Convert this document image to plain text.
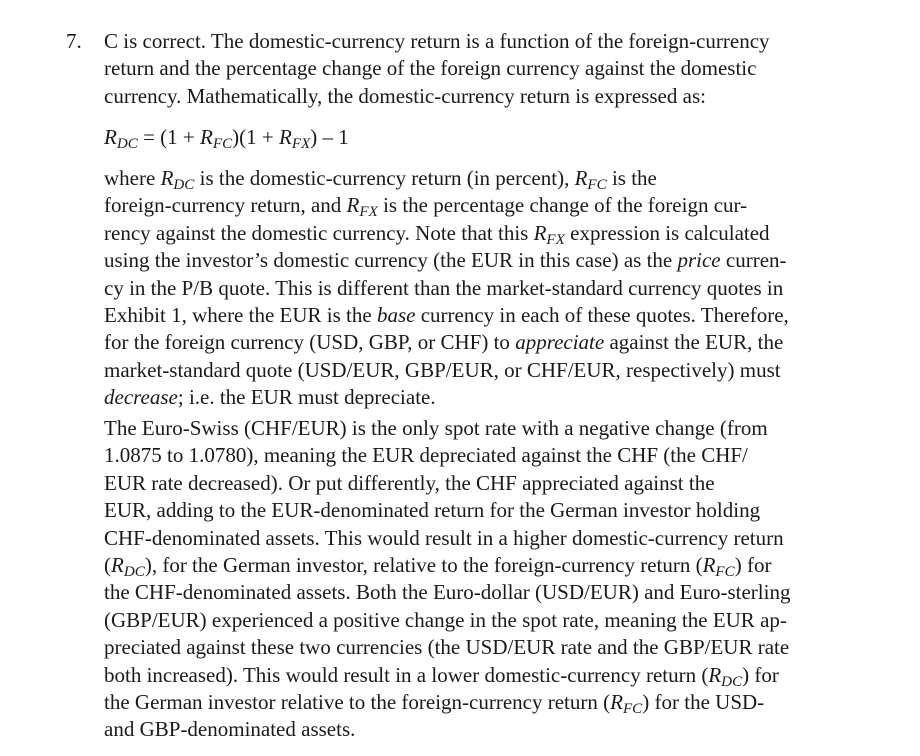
7. C is correct. The domestic-currency return is a function of the foreign-currency
return and the percentage change of the foreign currency against the domestic
currency. Mathematically, the domestic-currency return is expressed as:
$R_{DC} = (1 + R_{FC})(1 + R_{FX}) - 1$
where $R_{DC}$ is the domestic-currency return (in percent), $R_{FC}$ is the
foreign-currency return, and $R_{FX}$ is the percentage change of the foreign cur-
rency against the domestic currency. Note that this $R_{FX}$ expression is calculated
using the investor’s domestic currency (the EUR in this case) as the price curren-
cy in the P/B quote. This is different than the market-standard currency quotes in
Exhibit 1, where the EUR is the base currency in each of these quotes. Therefore,
for the foreign currency (USD, GBP, or CHF) to appreciate against the EUR, the
market-standard quote (USD/EUR, GBP/EUR, or CHF/EUR, respectively) must
decrease; i.e. the EUR must depreciate.
The Euro-Swiss (CHF/EUR) is the only spot rate with a negative change (from
1.0875 to 1.0780), meaning the EUR depreciated against the CHF (the CHF/
EUR rate decreased). Or put differently, the CHF appreciated against the
EUR, adding to the EUR-denominated return for the German investor holding
CHF-denominated assets. This would result in a higher domestic-currency return
$(R_{DC})$, for the German investor, relative to the foreign-currency return $(R_{FC})$ for
the CHF-denominated assets. Both the Euro-dollar (USD/EUR) and Euro-sterling
(GBP/EUR) experienced a positive change in the spot rate, meaning the EUR ap-
preciated against these two currencies (the USD/EUR rate and the GBP/EUR rate
both increased). This would result in a lower domestic-currency return $(R_{DC})$ for
the German investor relative to the foreign-currency return $(R_{FC})$ for the USD-
and GBP-denominated assets.
